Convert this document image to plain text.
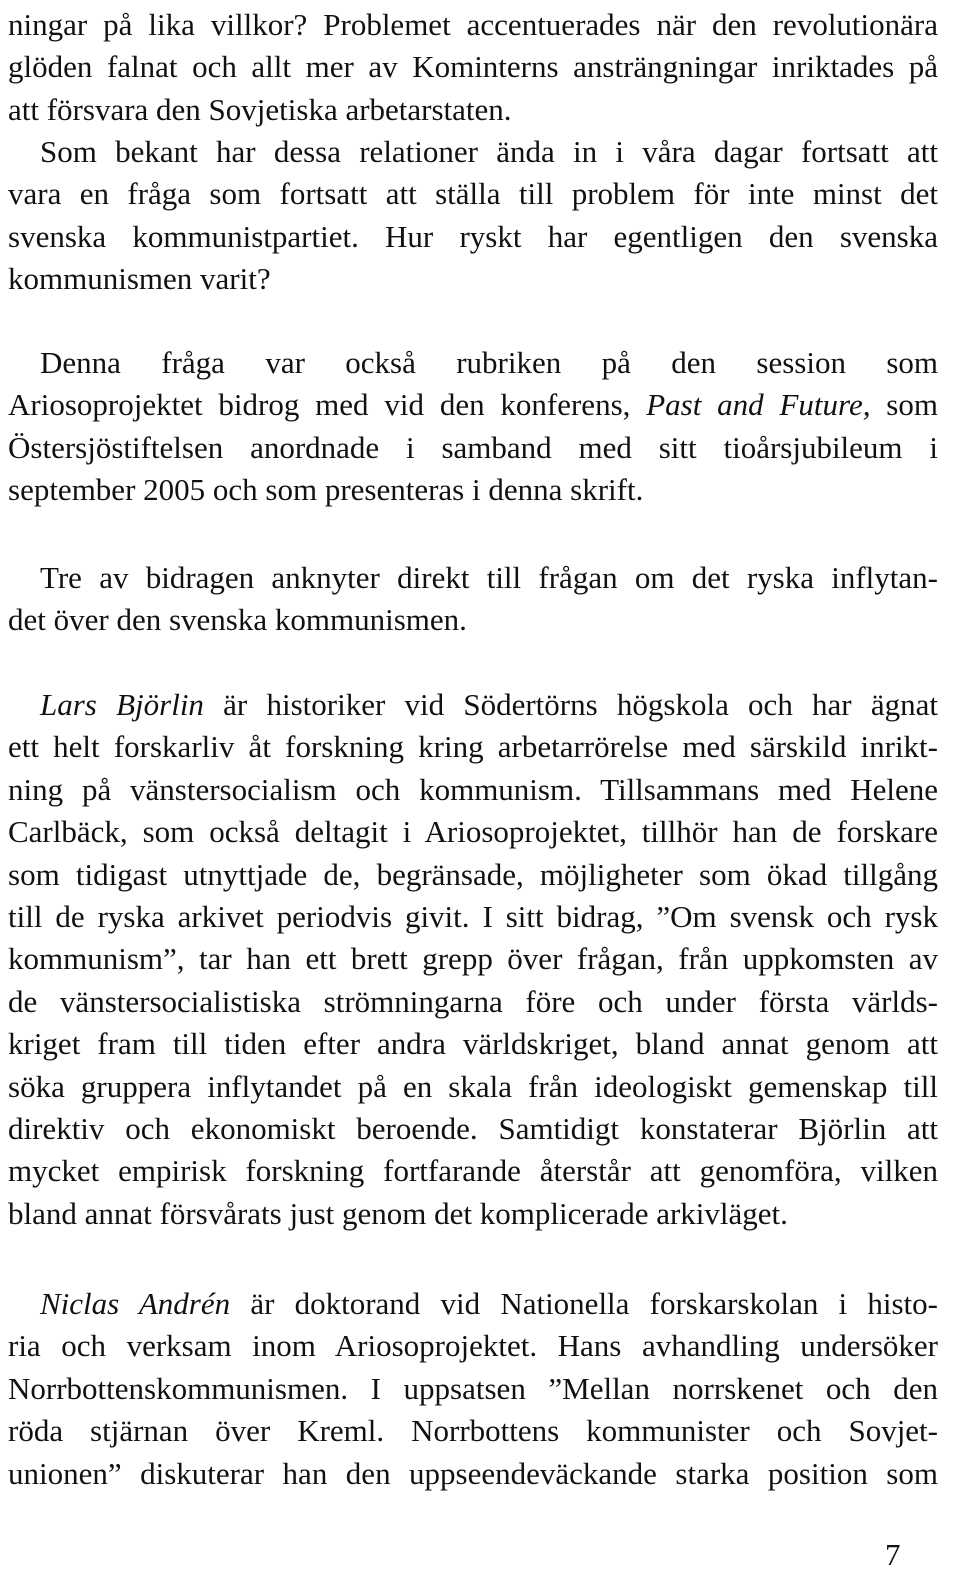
ningar på lika villkor? Problemet accentuerades när den revolutionära
glöden falnat och allt mer av Kominterns ansträngningar inriktades på
att försvara den Sovjetiska arbetarstaten.

Som bekant har dessa relationer ända in i våra dagar fortsatt att
vara en fråga som fortsatt att ställa till problem för inte minst det
svenska kommunistpartiet. Hur ryskt har egentligen den svenska
kommunismen varit?

Denna fråga var också rubriken på den session som
Ariosoprojektet bidrog med vid den konferens, Past and Future, som
Östersjöstiftelsen anordnade i samband med sitt tioårsjubileum i
september 2005 och som presenteras i denna skrift.

Tre av bidragen anknyter direkt till frågan om det ryska inflytan-
det över den svenska kommunismen.

Lars Björlin är historiker vid Södertörns högskola och har ägnat
ett helt forskarliv åt forskning kring arbetarrörelse med särskild inrikt-
ning på vänstersocialism och kommunism. Tillsammans med Helene
Carlbäck, som också deltagit i Ariosoprojektet, tillhör han de forskare
som tidigast utnyttjade de, begränsade, möjligheter som ökad tillgång
till de ryska arkivet periodvis givit. I sitt bidrag, ”Om svensk och rysk
kommunism”, tar han ett brett grepp över frågan, från uppkomsten av
de vänstersocialistiska strömningarna före och under första världs-
kriget fram till tiden efter andra världskriget, bland annat genom att
söka gruppera inflytandet på en skala från ideologiskt gemenskap till
direktiv och ekonomiskt beroende. Samtidigt konstaterar Björlin att
mycket empirisk forskning fortfarande återstår att genomföra, vilken
bland annat försvårats just genom det komplicerade arkivläget.

Niclas Andrén är doktorand vid Nationella forskarskolan i histo-
ria och verksam inom Ariosoprojektet. Hans avhandling undersöker
Norrbottenskommunismen. I uppsatsen ”Mellan norrskenet och den
röda stjärnan över Kreml. Norrbottens kommunister och Sovjet-
unionen” diskuterar han den uppseendeväckande starka position som

7
